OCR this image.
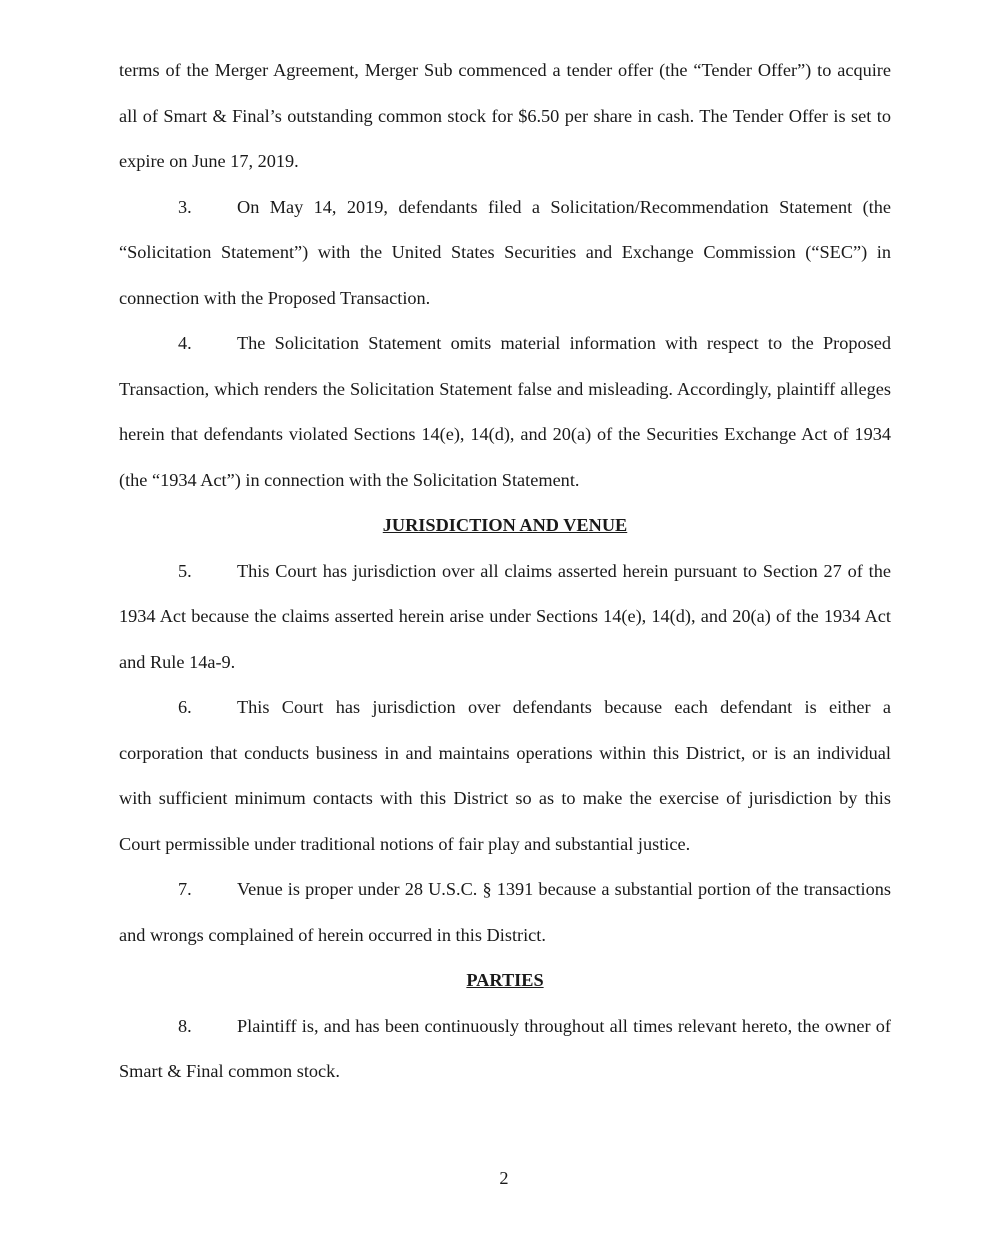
terms of the Merger Agreement, Merger Sub commenced a tender offer (the “Tender Offer”) to acquire all of Smart & Final’s outstanding common stock for $6.50 per share in cash. The Tender Offer is set to expire on June 17, 2019.

3. On May 14, 2019, defendants filed a Solicitation/Recommendation Statement (the “Solicitation Statement”) with the United States Securities and Exchange Commission (“SEC”) in connection with the Proposed Transaction.

4. The Solicitation Statement omits material information with respect to the Proposed Transaction, which renders the Solicitation Statement false and misleading. Accordingly, plaintiff alleges herein that defendants violated Sections 14(e), 14(d), and 20(a) of the Securities Exchange Act of 1934 (the “1934 Act”) in connection with the Solicitation Statement.

JURISDICTION AND VENUE

5. This Court has jurisdiction over all claims asserted herein pursuant to Section 27 of the 1934 Act because the claims asserted herein arise under Sections 14(e), 14(d), and 20(a) of the 1934 Act and Rule 14a-9.

6. This Court has jurisdiction over defendants because each defendant is either a corporation that conducts business in and maintains operations within this District, or is an individual with sufficient minimum contacts with this District so as to make the exercise of jurisdiction by this Court permissible under traditional notions of fair play and substantial justice.

7. Venue is proper under 28 U.S.C. § 1391 because a substantial portion of the transactions and wrongs complained of herein occurred in this District.

PARTIES

8. Plaintiff is, and has been continuously throughout all times relevant hereto, the owner of Smart & Final common stock.

2
